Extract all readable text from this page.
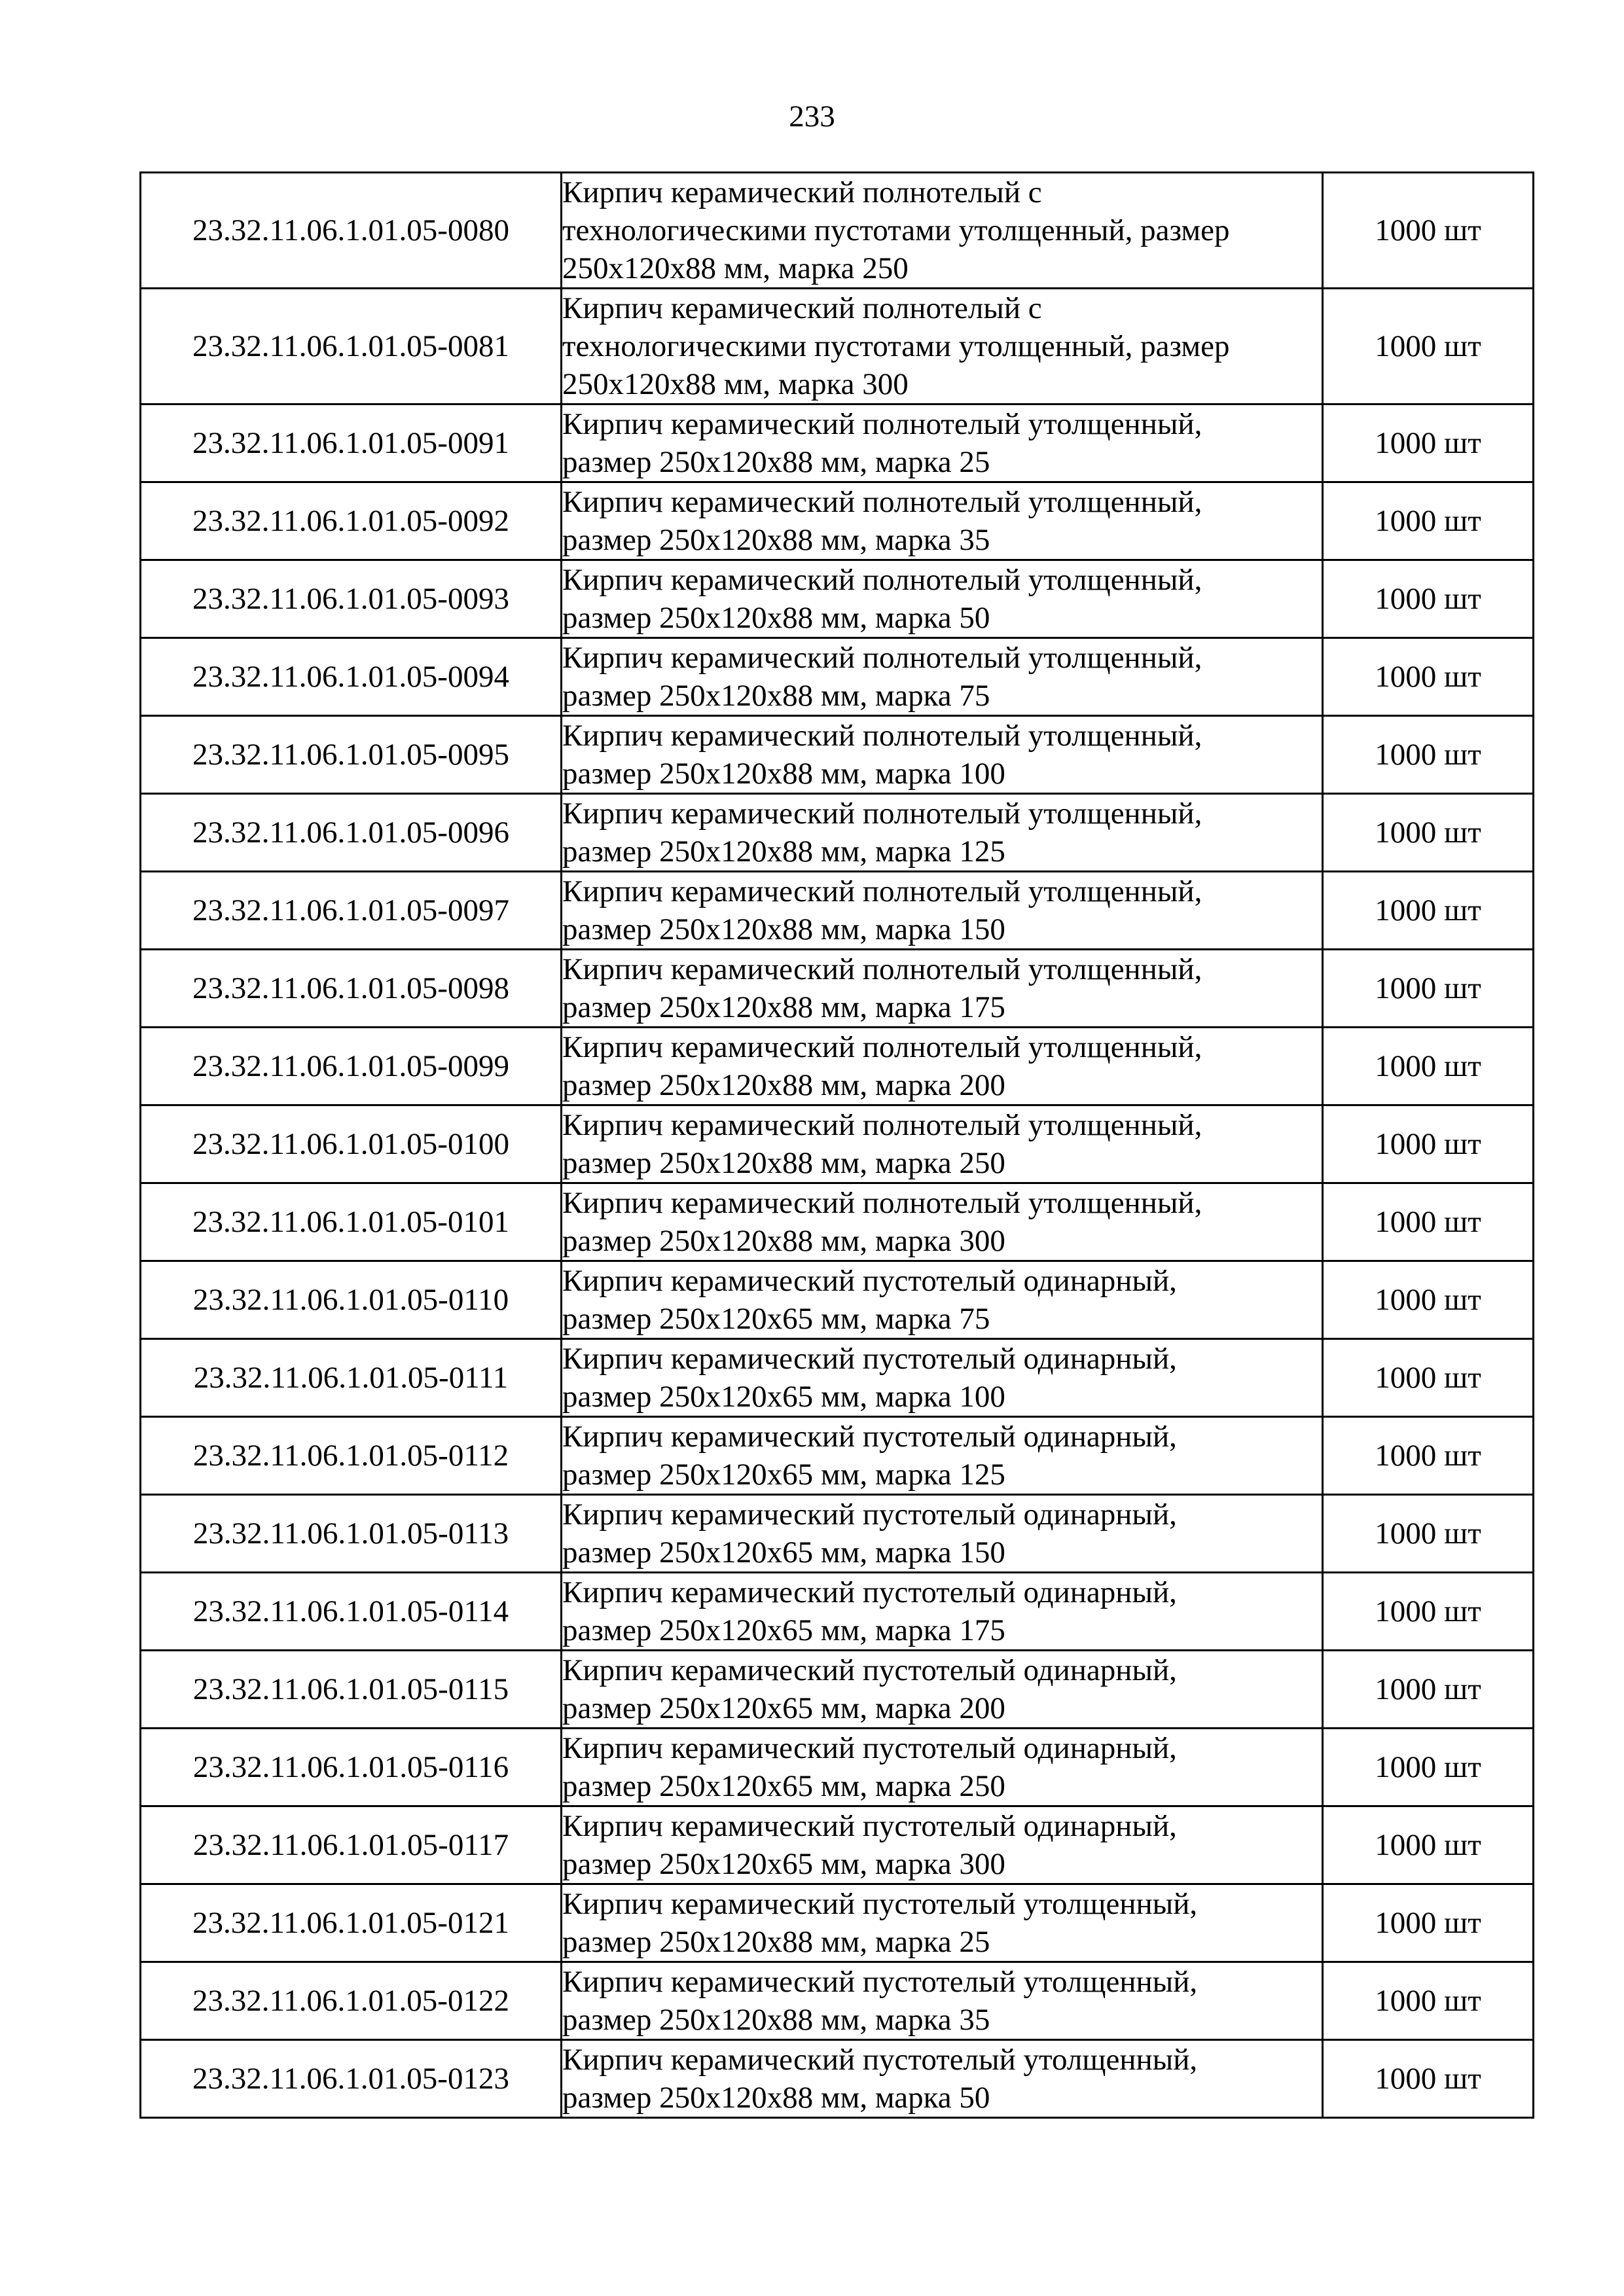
233
23.32.11.06.1.01.05-0080	Кирпич керамический полнотелый с
технологическими пустотами утолщенный, размер
250х120х88 мм, марка 250	1000 шт
23.32.11.06.1.01.05-0081	Кирпич керамический полнотелый с
технологическими пустотами утолщенный, размер
250х120х88 мм, марка 300	1000 шт
23.32.11.06.1.01.05-0091	Кирпич керамический полнотелый утолщенный,
размер 250х120х88 мм, марка 25	1000 шт
23.32.11.06.1.01.05-0092	Кирпич керамический полнотелый утолщенный,
размер 250х120х88 мм, марка 35	1000 шт
23.32.11.06.1.01.05-0093	Кирпич керамический полнотелый утолщенный,
размер 250х120х88 мм, марка 50	1000 шт
23.32.11.06.1.01.05-0094	Кирпич керамический полнотелый утолщенный,
размер 250х120х88 мм, марка 75	1000 шт
23.32.11.06.1.01.05-0095	Кирпич керамический полнотелый утолщенный,
размер 250х120х88 мм, марка 100	1000 шт
23.32.11.06.1.01.05-0096	Кирпич керамический полнотелый утолщенный,
размер 250х120х88 мм, марка 125	1000 шт
23.32.11.06.1.01.05-0097	Кирпич керамический полнотелый утолщенный,
размер 250х120х88 мм, марка 150	1000 шт
23.32.11.06.1.01.05-0098	Кирпич керамический полнотелый утолщенный,
размер 250х120х88 мм, марка 175	1000 шт
23.32.11.06.1.01.05-0099	Кирпич керамический полнотелый утолщенный,
размер 250х120х88 мм, марка 200	1000 шт
23.32.11.06.1.01.05-0100	Кирпич керамический полнотелый утолщенный,
размер 250х120х88 мм, марка 250	1000 шт
23.32.11.06.1.01.05-0101	Кирпич керамический полнотелый утолщенный,
размер 250х120х88 мм, марка 300	1000 шт
23.32.11.06.1.01.05-0110	Кирпич керамический пустотелый одинарный,
размер 250х120х65 мм, марка 75	1000 шт
23.32.11.06.1.01.05-0111	Кирпич керамический пустотелый одинарный,
размер 250х120х65 мм, марка 100	1000 шт
23.32.11.06.1.01.05-0112	Кирпич керамический пустотелый одинарный,
размер 250х120х65 мм, марка 125	1000 шт
23.32.11.06.1.01.05-0113	Кирпич керамический пустотелый одинарный,
размер 250х120х65 мм, марка 150	1000 шт
23.32.11.06.1.01.05-0114	Кирпич керамический пустотелый одинарный,
размер 250х120х65 мм, марка 175	1000 шт
23.32.11.06.1.01.05-0115	Кирпич керамический пустотелый одинарный,
размер 250х120х65 мм, марка 200	1000 шт
23.32.11.06.1.01.05-0116	Кирпич керамический пустотелый одинарный,
размер 250х120х65 мм, марка 250	1000 шт
23.32.11.06.1.01.05-0117	Кирпич керамический пустотелый одинарный,
размер 250х120х65 мм, марка 300	1000 шт
23.32.11.06.1.01.05-0121	Кирпич керамический пустотелый утолщенный,
размер 250х120х88 мм, марка 25	1000 шт
23.32.11.06.1.01.05-0122	Кирпич керамический пустотелый утолщенный,
размер 250х120х88 мм, марка 35	1000 шт
23.32.11.06.1.01.05-0123	Кирпич керамический пустотелый утолщенный,
размер 250х120х88 мм, марка 50	1000 шт
